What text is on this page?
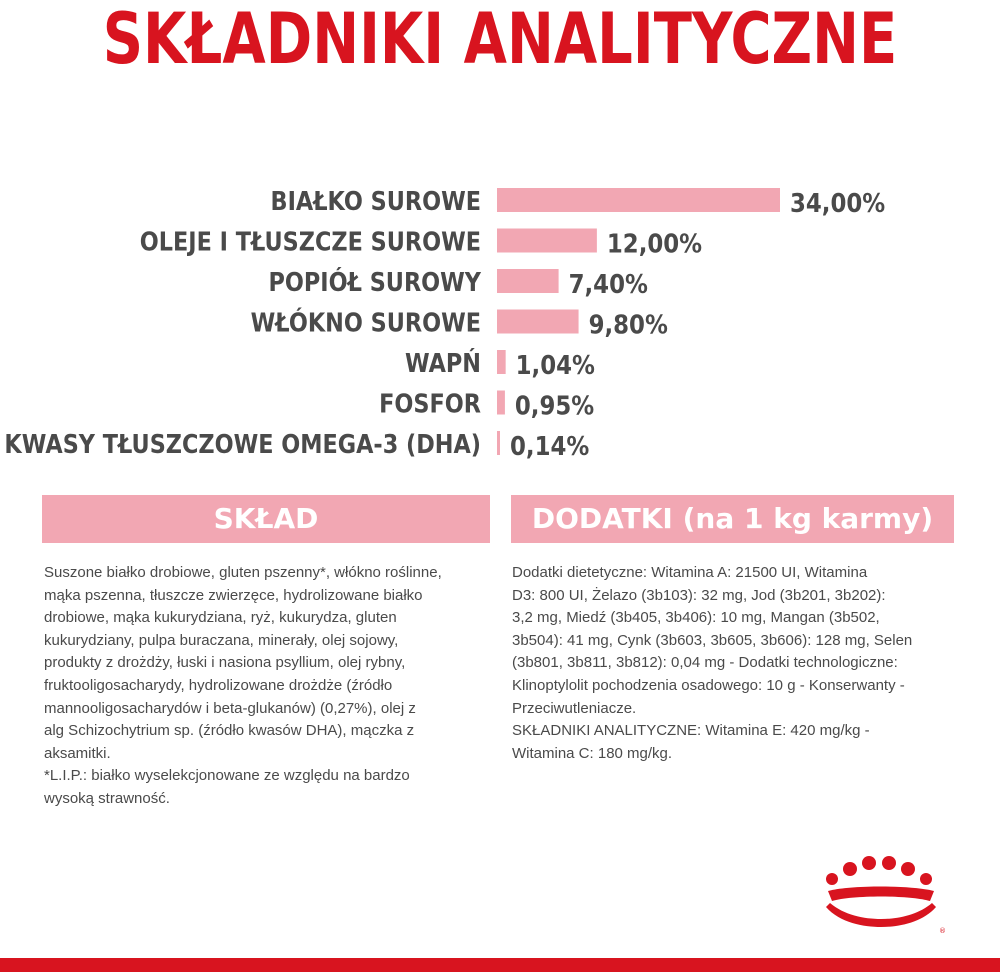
SKŁADNIKI ANALITYCZNE
BIAŁKO SUROWE	34,00%
OLEJE I TŁUSZCZE SUROWE	12,00%
POPIÓŁ SUROWY	7,40%
WŁÓKNO SUROWE	9,80%
WAPŃ 1,04%
FOSFOR 0,95%
KWASY TŁUSZCZOWE OMEGA-3 (DHA) 0,14%
SKŁAD	DODATKI (na 1 kg karmy)

Suszone białko drobiowe, gluten pszenny*, włókno roślinne,
mąka pszenna, tłuszcze zwierzęce, hydrolizowane białko
drobiowe, mąka kukurydziana, ryż, kukurydza, gluten
kukurydziany, pulpa buraczana, minerały, olej sojowy,
produkty z drożdży, łuski i nasiona psyllium, olej rybny,
fruktooligosacharydy, hydrolizowane drożdże (źródło
mannooligosacharydów i beta-glukanów) (0,27%), olej z
alg Schizochytrium sp. (źródło kwasów DHA), mączka z
aksamitki.
*L.I.P.: białko wyselekcjonowane ze względu na bardzo
wysoką strawność.

Dodatki dietetyczne: Witamina A: 21500 UI, Witamina
D3: 800 UI, Żelazo (3b103): 32 mg, Jod (3b201, 3b202):
3,2 mg, Miedź (3b405, 3b406): 10 mg, Mangan (3b502,
3b504): 41 mg, Cynk (3b603, 3b605, 3b606): 128 mg, Selen
(3b801, 3b811, 3b812): 0,04 mg - Dodatki technologiczne:
Klinoptylolit pochodzenia osadowego: 10 g - Konserwanty -
Przeciwutleniacze.
SKŁADNIKI ANALITYCZNE: Witamina E: 420 mg/kg -
Witamina C: 180 mg/kg.

®
